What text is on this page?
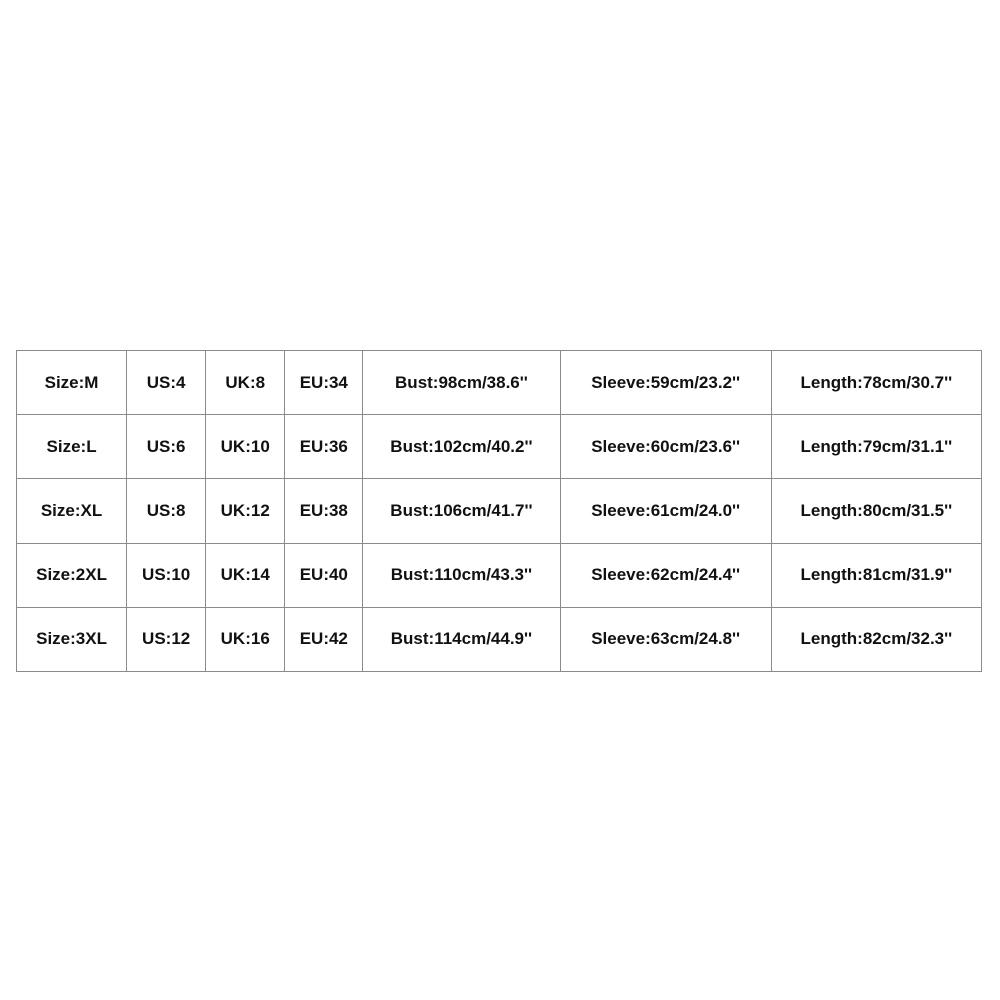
Size:M	US:4	UK:8	EU:34	Bust:98cm/38.6''	Sleeve:59cm/23.2''	Length:78cm/30.7''
Size:L	US:6	UK:10	EU:36	Bust:102cm/40.2''	Sleeve:60cm/23.6''	Length:79cm/31.1''
Size:XL	US:8	UK:12	EU:38	Bust:106cm/41.7''	Sleeve:61cm/24.0''	Length:80cm/31.5''
Size:2XL	US:10	UK:14	EU:40	Bust:110cm/43.3''	Sleeve:62cm/24.4''	Length:81cm/31.9''
Size:3XL	US:12	UK:16	EU:42	Bust:114cm/44.9''	Sleeve:63cm/24.8''	Length:82cm/32.3''
